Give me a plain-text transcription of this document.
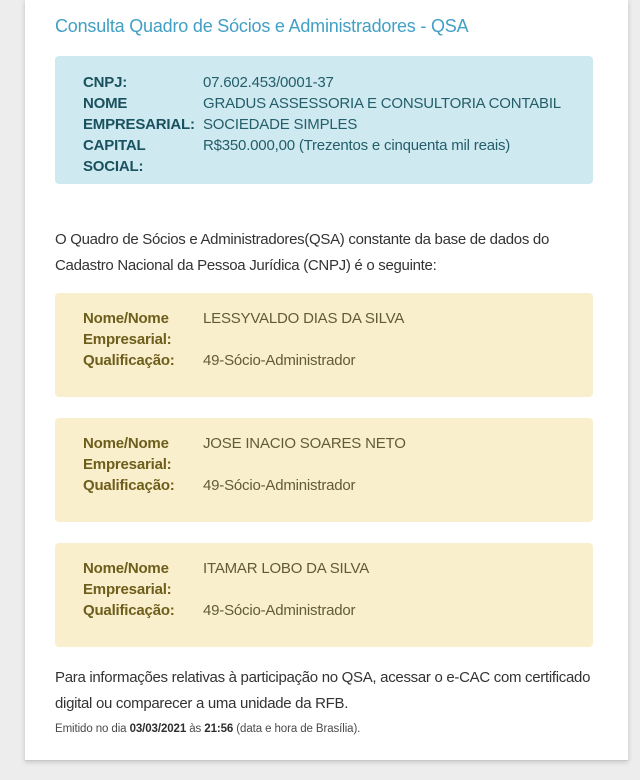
Consulta Quadro de Sócios e Administradores - QSA
CNPJ:	07.602.453/0001-37
NOME EMPRESARIAL:
GRADUS ASSESSORIA E CONSULTORIA CONTABIL SOCIEDADE SIMPLES
CAPITAL SOCIAL:
R$350.000,00 (Trezentos e cinquenta mil reais)

O Quadro de Sócios e Administradores(QSA) constante da base de dados do Cadastro Nacional da Pessoa Jurídica (CNPJ) é o seguinte:

Nome/Nome Empresarial:
LESSYVALDO DIAS DA SILVA
Qualificação:	49-Sócio-Administrador
Nome/Nome Empresarial:
JOSE INACIO SOARES NETO
Qualificação:	49-Sócio-Administrador
Nome/Nome Empresarial:
ITAMAR LOBO DA SILVA
Qualificação:	49-Sócio-Administrador

Para informações relativas à participação no QSA, acessar o e-CAC com certificado digital ou comparecer a uma unidade da RFB.

Emitido no dia 03/03/2021 às 21:56 (data e hora de Brasília).
